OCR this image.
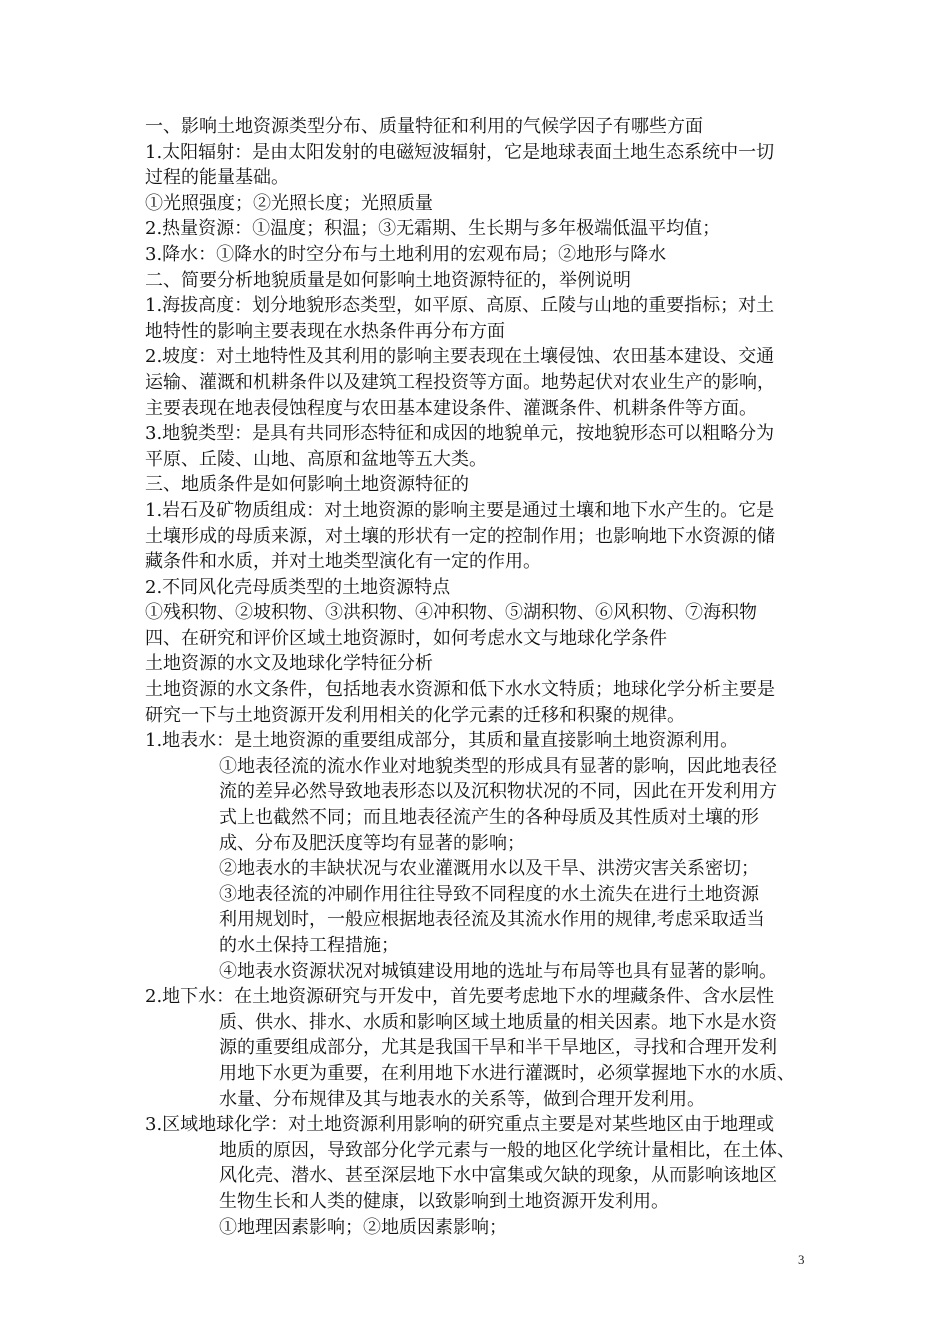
一、影响土地资源类型分布、质量特征和利用的气候学因子有哪些方面
1.太阳辐射：是由太阳发射的电磁短波辐射，它是地球表面土地生态系统中一切
过程的能量基础。
①光照强度；②光照长度；光照质量
2.热量资源：①温度；积温；③无霜期、生长期与多年极端低温平均值；
3.降水：①降水的时空分布与土地利用的宏观布局；②地形与降水
二、简要分析地貌质量是如何影响土地资源特征的，举例说明
1.海拔高度：划分地貌形态类型，如平原、高原、丘陵与山地的重要指标；对土
地特性的影响主要表现在水热条件再分布方面
2.坡度：对土地特性及其利用的影响主要表现在土壤侵蚀、农田基本建设、交通
运输、灌溉和机耕条件以及建筑工程投资等方面。地势起伏对农业生产的影响，
主要表现在地表侵蚀程度与农田基本建设条件、灌溉条件、机耕条件等方面。
3.地貌类型：是具有共同形态特征和成因的地貌单元，按地貌形态可以粗略分为
平原、丘陵、山地、高原和盆地等五大类。
三、地质条件是如何影响土地资源特征的
1.岩石及矿物质组成：对土地资源的影响主要是通过土壤和地下水产生的。它是
土壤形成的母质来源，对土壤的形状有一定的控制作用；也影响地下水资源的储
藏条件和水质，并对土地类型演化有一定的作用。
2.不同风化壳母质类型的土地资源特点
①残积物、②坡积物、③洪积物、④冲积物、⑤湖积物、⑥风积物、⑦海积物
四、在研究和评价区域土地资源时，如何考虑水文与地球化学条件
土地资源的水文及地球化学特征分析
土地资源的水文条件，包括地表水资源和低下水水文特质；地球化学分析主要是
研究一下与土地资源开发利用相关的化学元素的迁移和积聚的规律。
1.地表水：是土地资源的重要组成部分，其质和量直接影响土地资源利用。
①地表径流的流水作业对地貌类型的形成具有显著的影响，因此地表径
流的差异必然导致地表形态以及沉积物状况的不同，因此在开发利用方
式上也截然不同；而且地表径流产生的各种母质及其性质对土壤的形
成、分布及肥沃度等均有显著的影响；
②地表水的丰缺状况与农业灌溉用水以及干旱、洪涝灾害关系密切；
③地表径流的冲刷作用往往导致不同程度的水土流失在进行土地资源
利用规划时，一般应根据地表径流及其流水作用的规律,考虑采取适当
的水土保持工程措施；
④地表水资源状况对城镇建设用地的选址与布局等也具有显著的影响。
2.地下水：在土地资源研究与开发中，首先要考虑地下水的埋藏条件、含水层性
质、供水、排水、水质和影响区域土地质量的相关因素。地下水是水资
源的重要组成部分，尤其是我国干旱和半干旱地区，寻找和合理开发利
用地下水更为重要，在利用地下水进行灌溉时，必须掌握地下水的水质、
水量、分布规律及其与地表水的关系等，做到合理开发利用。
3.区域地球化学：对土地资源利用影响的研究重点主要是对某些地区由于地理或
地质的原因，导致部分化学元素与一般的地区化学统计量相比，在土体、
风化壳、潜水、甚至深层地下水中富集或欠缺的现象，从而影响该地区
生物生长和人类的健康，以致影响到土地资源开发利用。
①地理因素影响；②地质因素影响；
3
